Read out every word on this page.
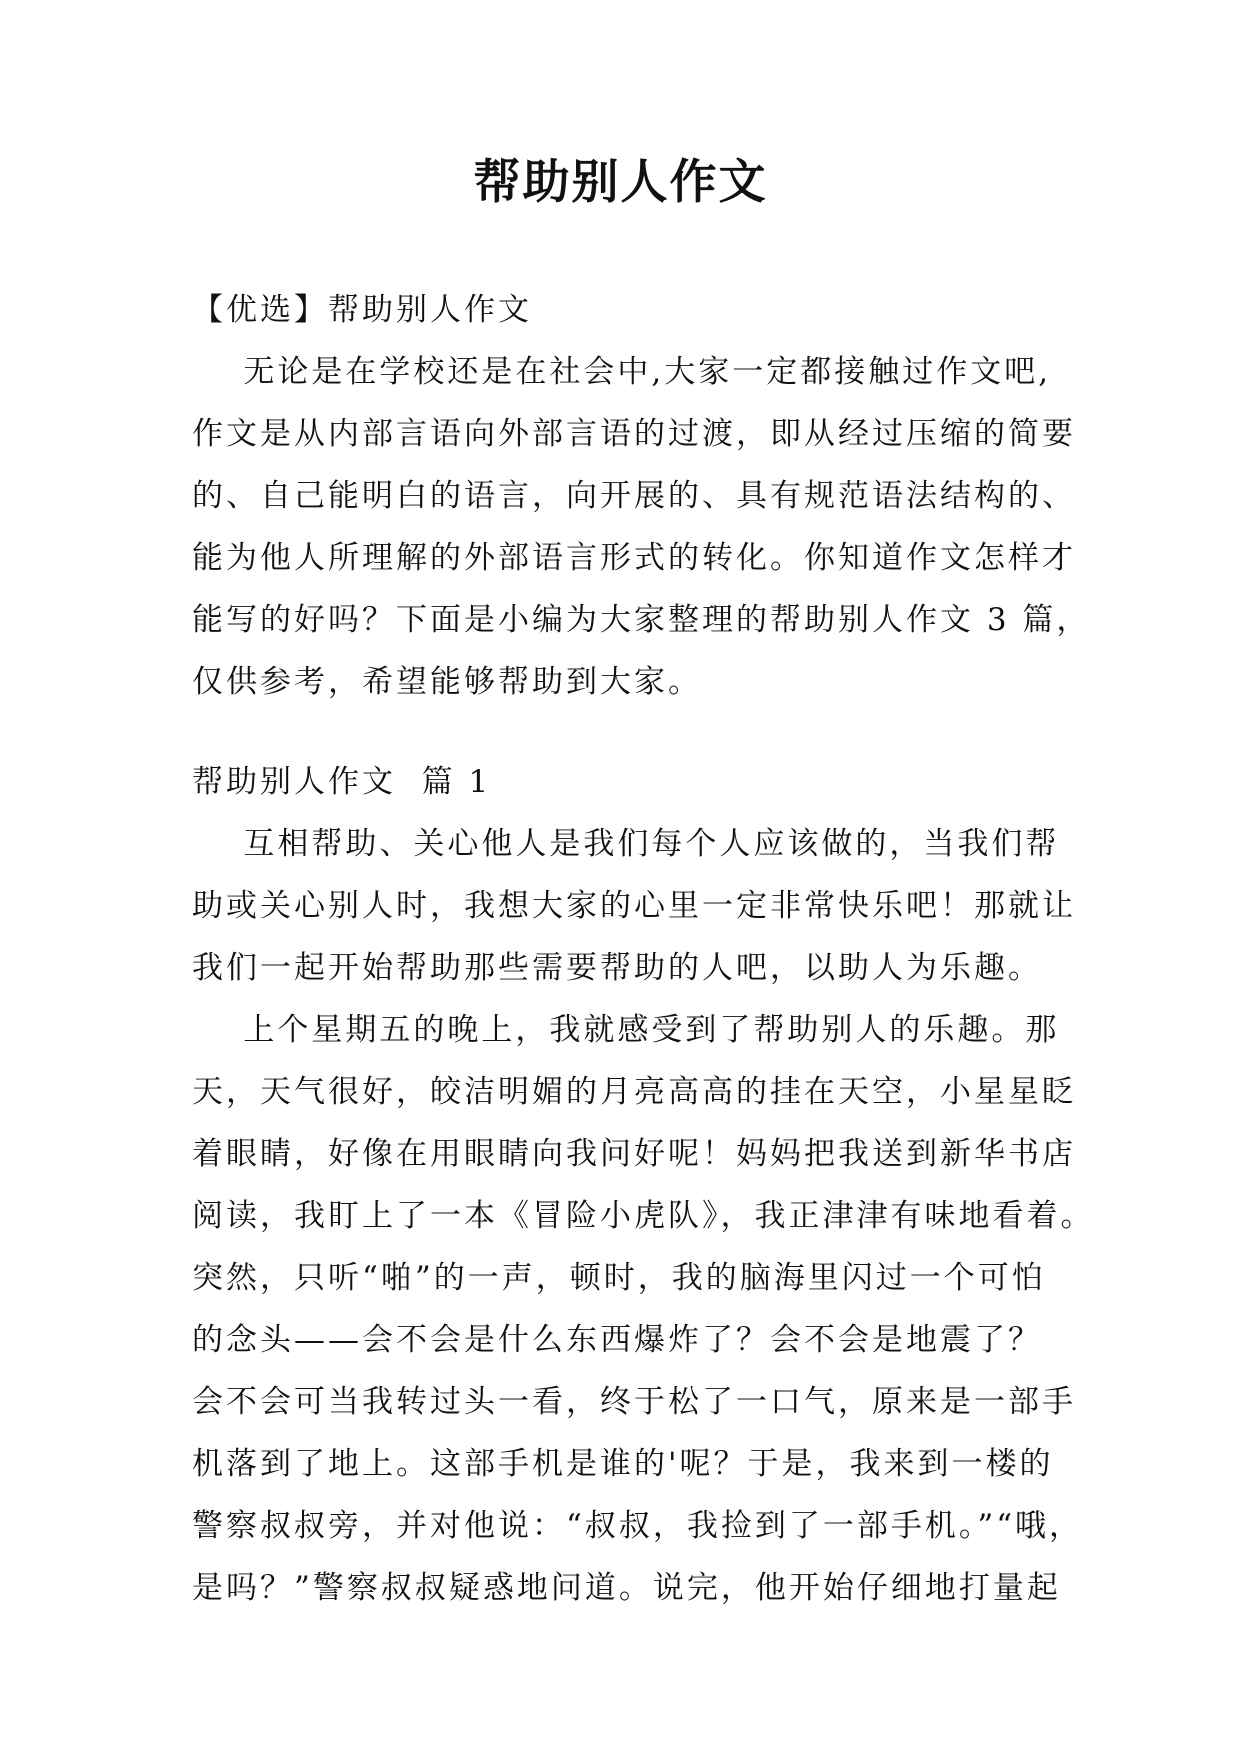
帮助别人作文

【优选】帮助别人作文

无论是在学校还是在社会中,大家一定都接触过作文吧,

作文是从内部言语向外部言语的过渡，即从经过压缩的简要

的、自己能明白的语言，向开展的、具有规范语法结构的、

能为他人所理解的外部语言形式的转化。你知道作文怎样才

能写的好吗？下面是小编为大家整理的帮助别人作文 3 篇，

仅供参考，希望能够帮助到大家。

帮助别人作文  篇 1

互相帮助、关心他人是我们每个人应该做的，当我们帮

助或关心别人时，我想大家的心里一定非常快乐吧！那就让

我们一起开始帮助那些需要帮助的人吧，以助人为乐趣。

上个星期五的晚上，我就感受到了帮助别人的乐趣。那

天，天气很好，皎洁明媚的月亮高高的挂在天空，小星星眨

着眼睛，好像在用眼睛向我问好呢！妈妈把我送到新华书店

阅读，我盯上了一本《冒险小虎队》，我正津津有味地看着。

突然，只听“啪”的一声，顿时，我的脑海里闪过一个可怕

的念头——会不会是什么东西爆炸了？会不会是地震了？

会不会可当我转过头一看，终于松了一口气，原来是一部手

机落到了地上。这部手机是谁的'呢？于是，我来到一楼的

警察叔叔旁，并对他说：“叔叔，我捡到了一部手机。”“哦，

是吗？”警察叔叔疑惑地问道。说完，他开始仔细地打量起
